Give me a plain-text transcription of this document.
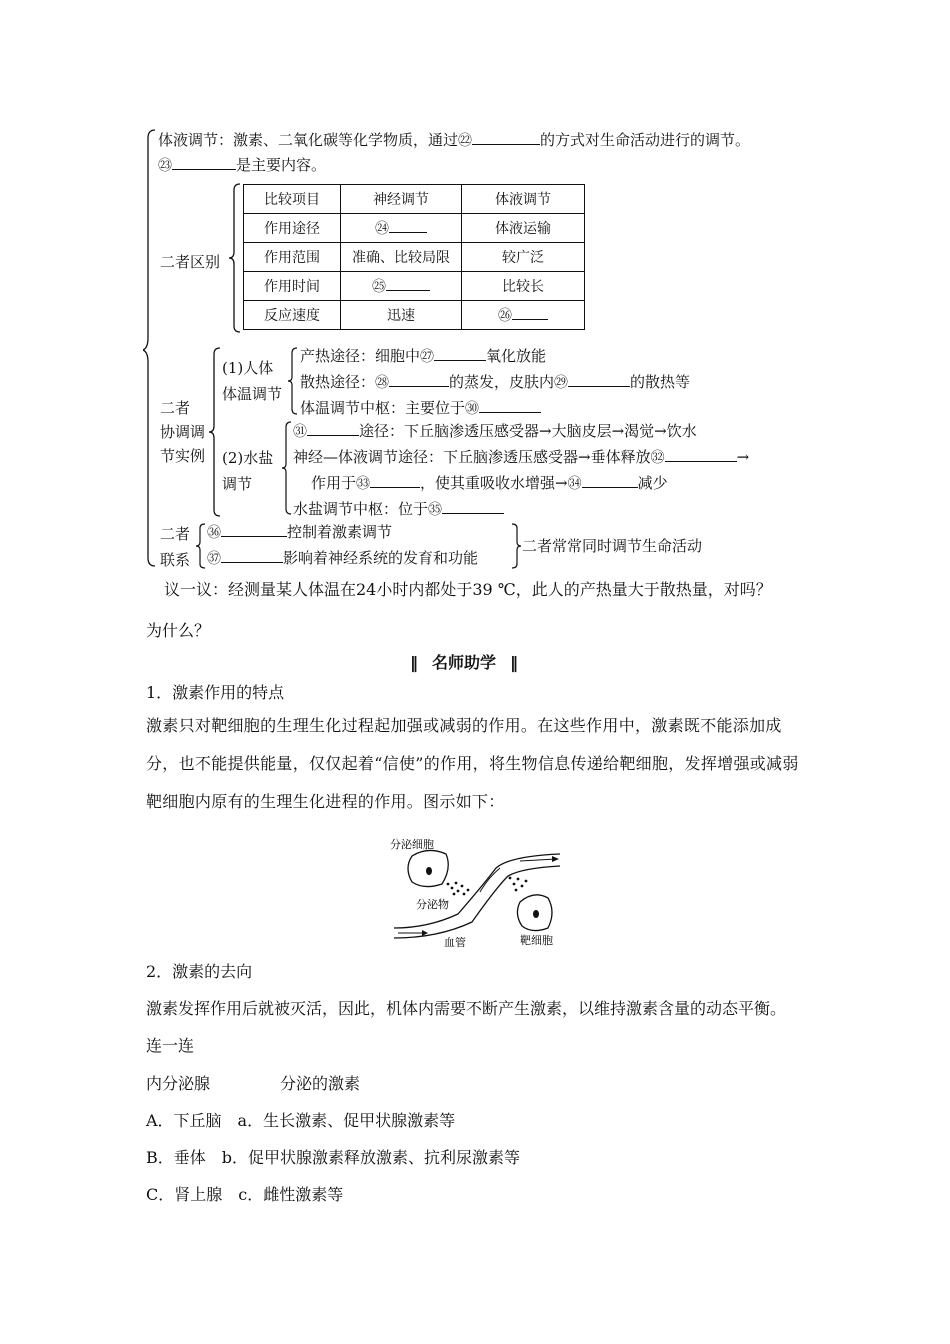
体液调节：激素、二氧化碳等化学物质，通过㉒	的方式对生命活动进行的调节。
㉓	是主要内容。
二者区别
比较项目	神经调节	体液调节
作用途径	㉔	体液运输
作用范围	准确、比较局限	较广泛
作用时间	㉕	比较长
反应速度	迅速	㉖
二者
协调调
节实例
(1)人体
体温调节
产热途径：细胞中㉗	氧化放能
散热途径：㉘	的蒸发，皮肤内㉙	的散热等
体温调节中枢：主要位于㉚
(2)水盐
调节
㉛	途径：下丘脑渗透压感受器→大脑皮层→渴觉→饮水
神经—体液调节途径：下丘脑渗透压感受器→垂体释放㉜	→
作用于㉝	，使其重吸收水增强→㉞	减少
水盐调节中枢：位于㉟
二者
联系
㊱	控制着激素调节
㊲	影响着神经系统的发育和功能
二者常常同时调节生命活动
议一议：经测量某人体温在24小时内都处于39 ℃，此人的产热量大于散热量，对吗？
为什么？
‖ 名师助学 ‖
1．激素作用的特点
激素只对靶细胞的生理生化过程起加强或减弱的作用。在这些作用中，激素既不能添加成分，也不能提供能量，仅仅起着“信使”的作用，将生物信息传递给靶细胞，发挥增强或减弱靶细胞内原有的生理生化进程的作用。图示如下：
分泌细胞
分泌物
血管	靶细胞
2．激素的去向
激素发挥作用后就被灭活，因此，机体内需要不断产生激素，以维持激素含量的动态平衡。
连一连
内分泌腺	分泌的激素
A．下丘脑　a．生长激素、促甲状腺激素等
B．垂体　b．促甲状腺激素释放激素、抗利尿激素等
C．肾上腺　c．雌性激素等
